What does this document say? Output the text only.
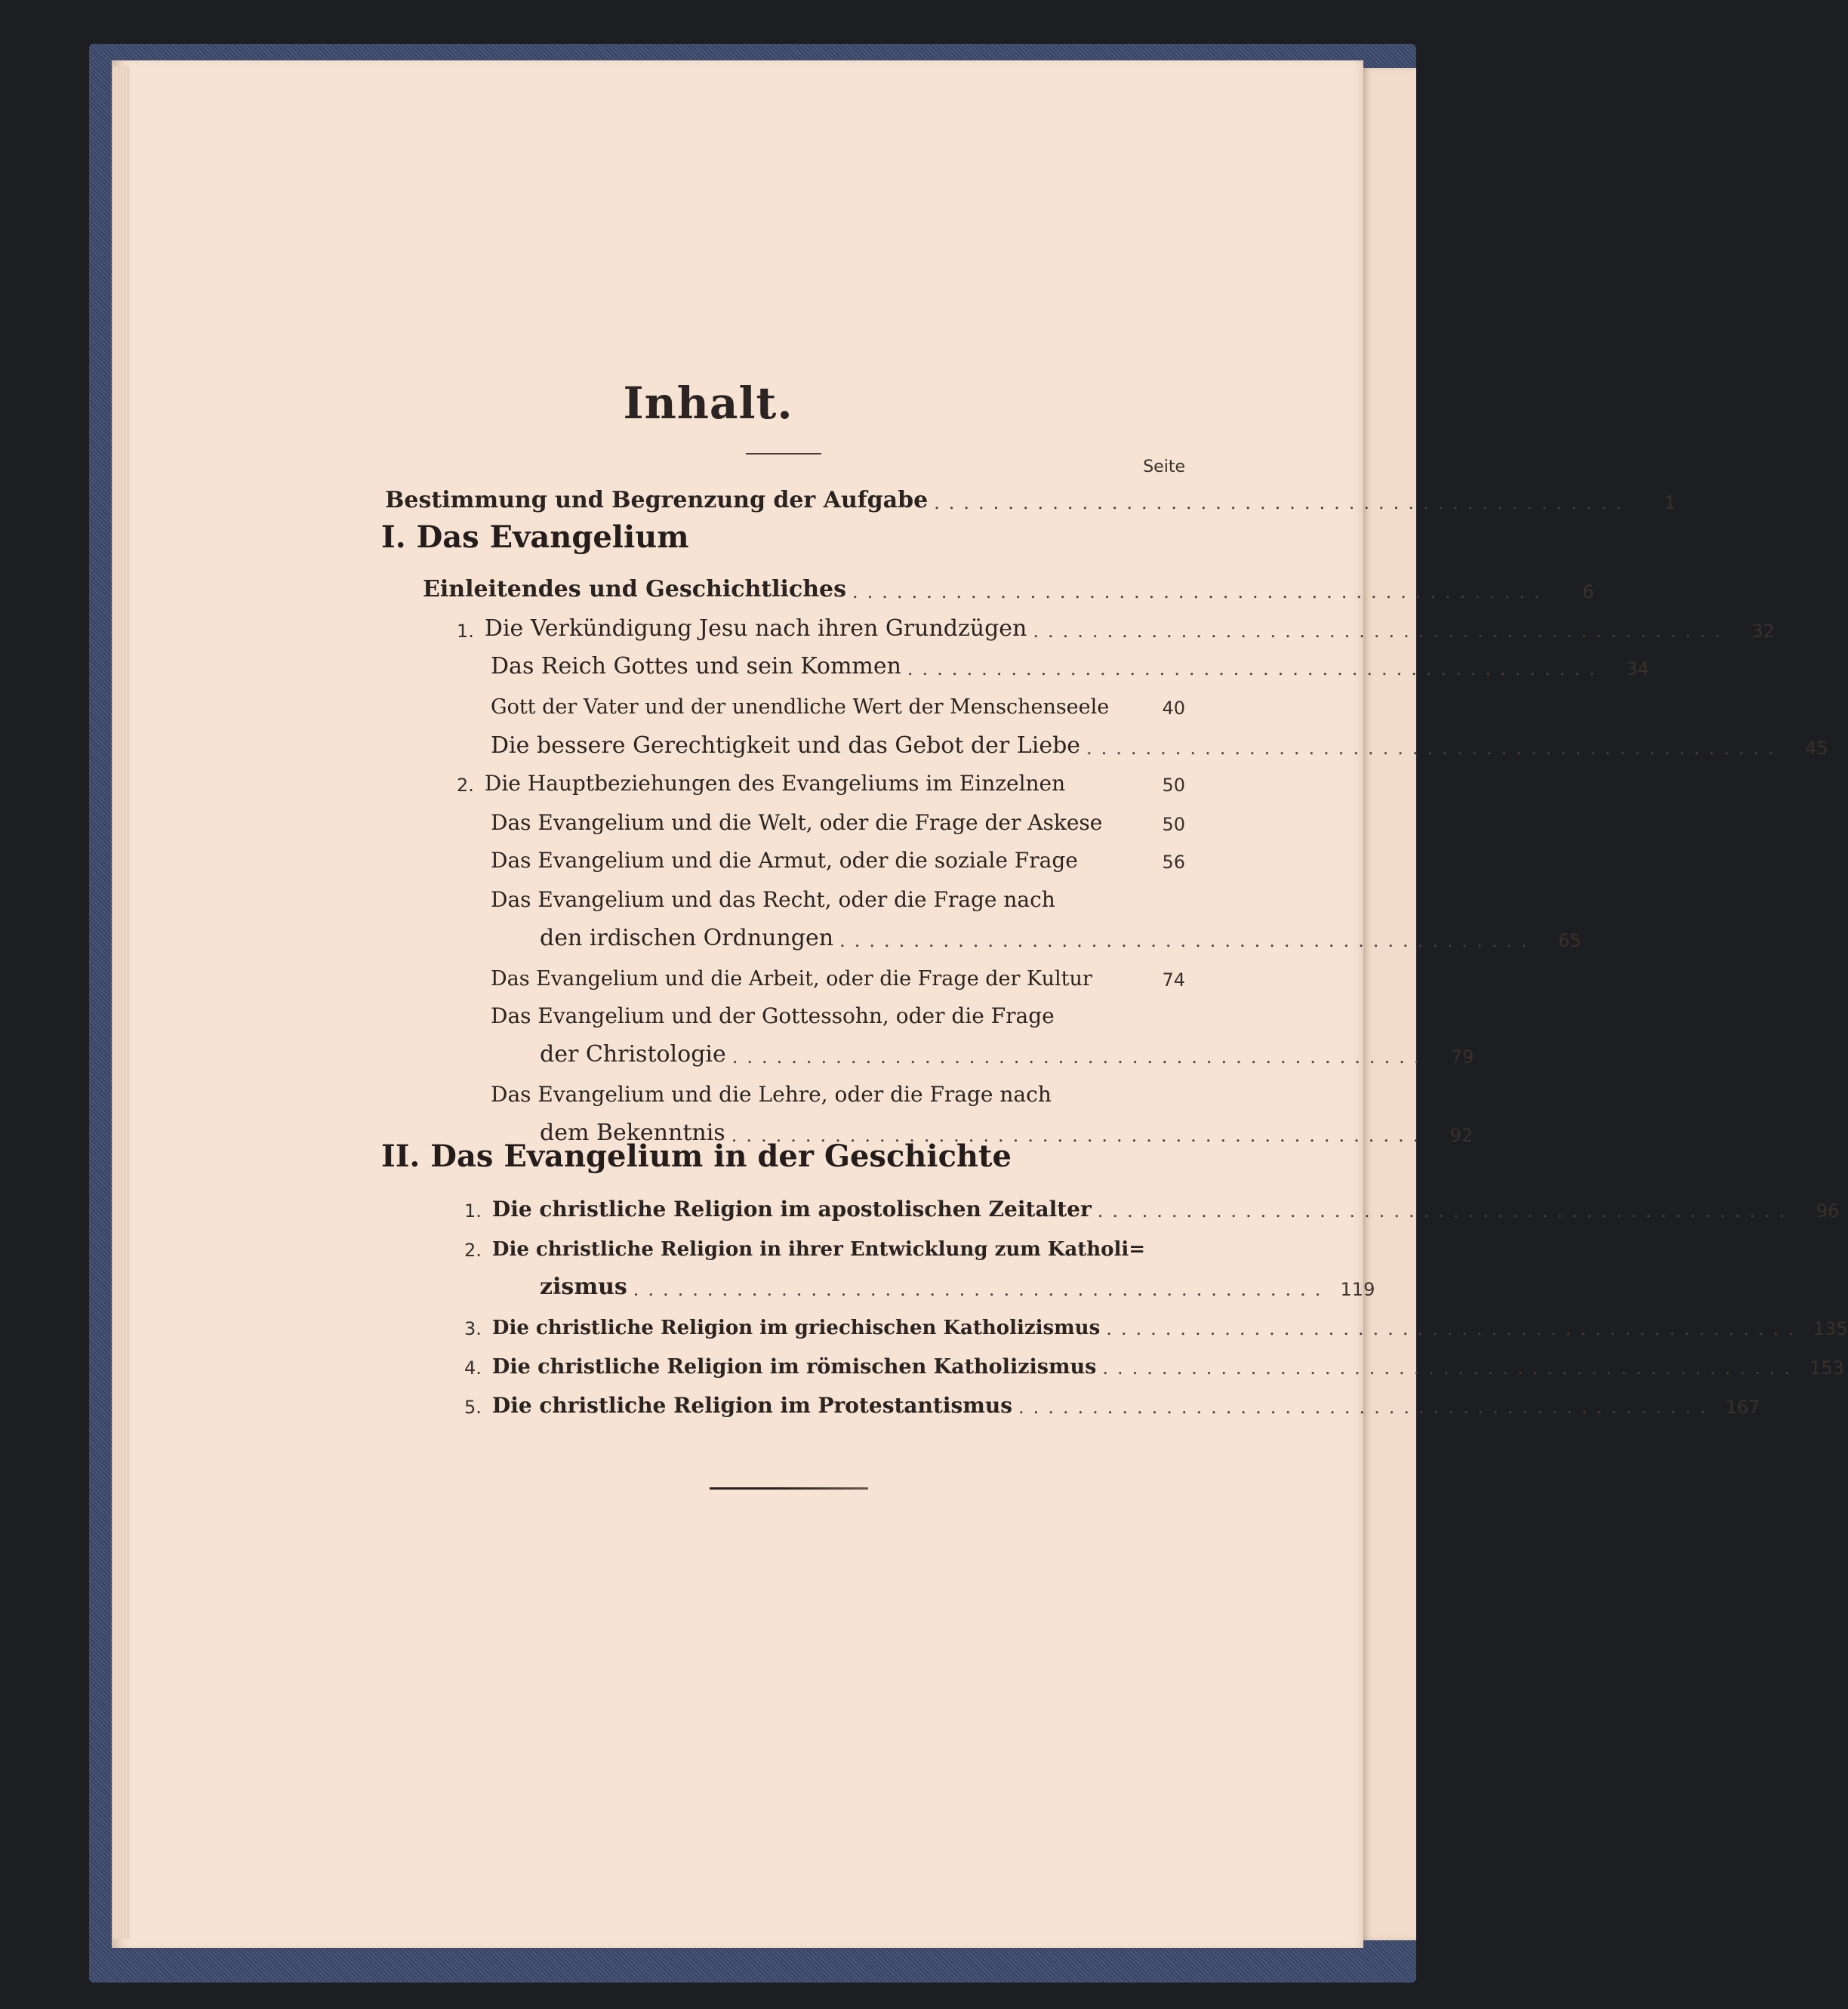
Inhalt.
Seite
Bestimmung und Begrenzung der Aufgabe ...............................................	1
I. Das Evangelium
Einleitendes und Geschichtliches ...............................................	6
1. Die Verkündigung Jesu nach ihren Grundzügen ...............................................	32
Das Reich Gottes und sein Kommen ...............................................	34
Gott der Vater und der unendliche Wert der Menschenseele	40
Die bessere Gerechtigkeit und das Gebot der Liebe ...............................................	45
2. Die Hauptbeziehungen des Evangeliums im Einzelnen	50
Das Evangelium und die Welt, oder die Frage der Askese	50
Das Evangelium und die Armut, oder die soziale Frage	56
Das Evangelium und das Recht, oder die Frage nach
den irdischen Ordnungen ...............................................	65
Das Evangelium und die Arbeit, oder die Frage der Kultur	74
Das Evangelium und der Gottessohn, oder die Frage
der Christologie ...............................................	79
Das Evangelium und die Lehre, oder die Frage nach
dem Bekenntnis ...............................................	92
II. Das Evangelium in der Geschichte
1. Die christliche Religion im apostolischen Zeitalter ...............................................	96
2. Die christliche Religion in ihrer Entwicklung zum Katholi=
zismus ............................................... 119
3. Die christliche Religion im griechischen Katholizismus ............................................... 135
4. Die christliche Religion im römischen Katholizismus ............................................... 153
5. Die christliche Religion im Protestantismus ............................................... 167
